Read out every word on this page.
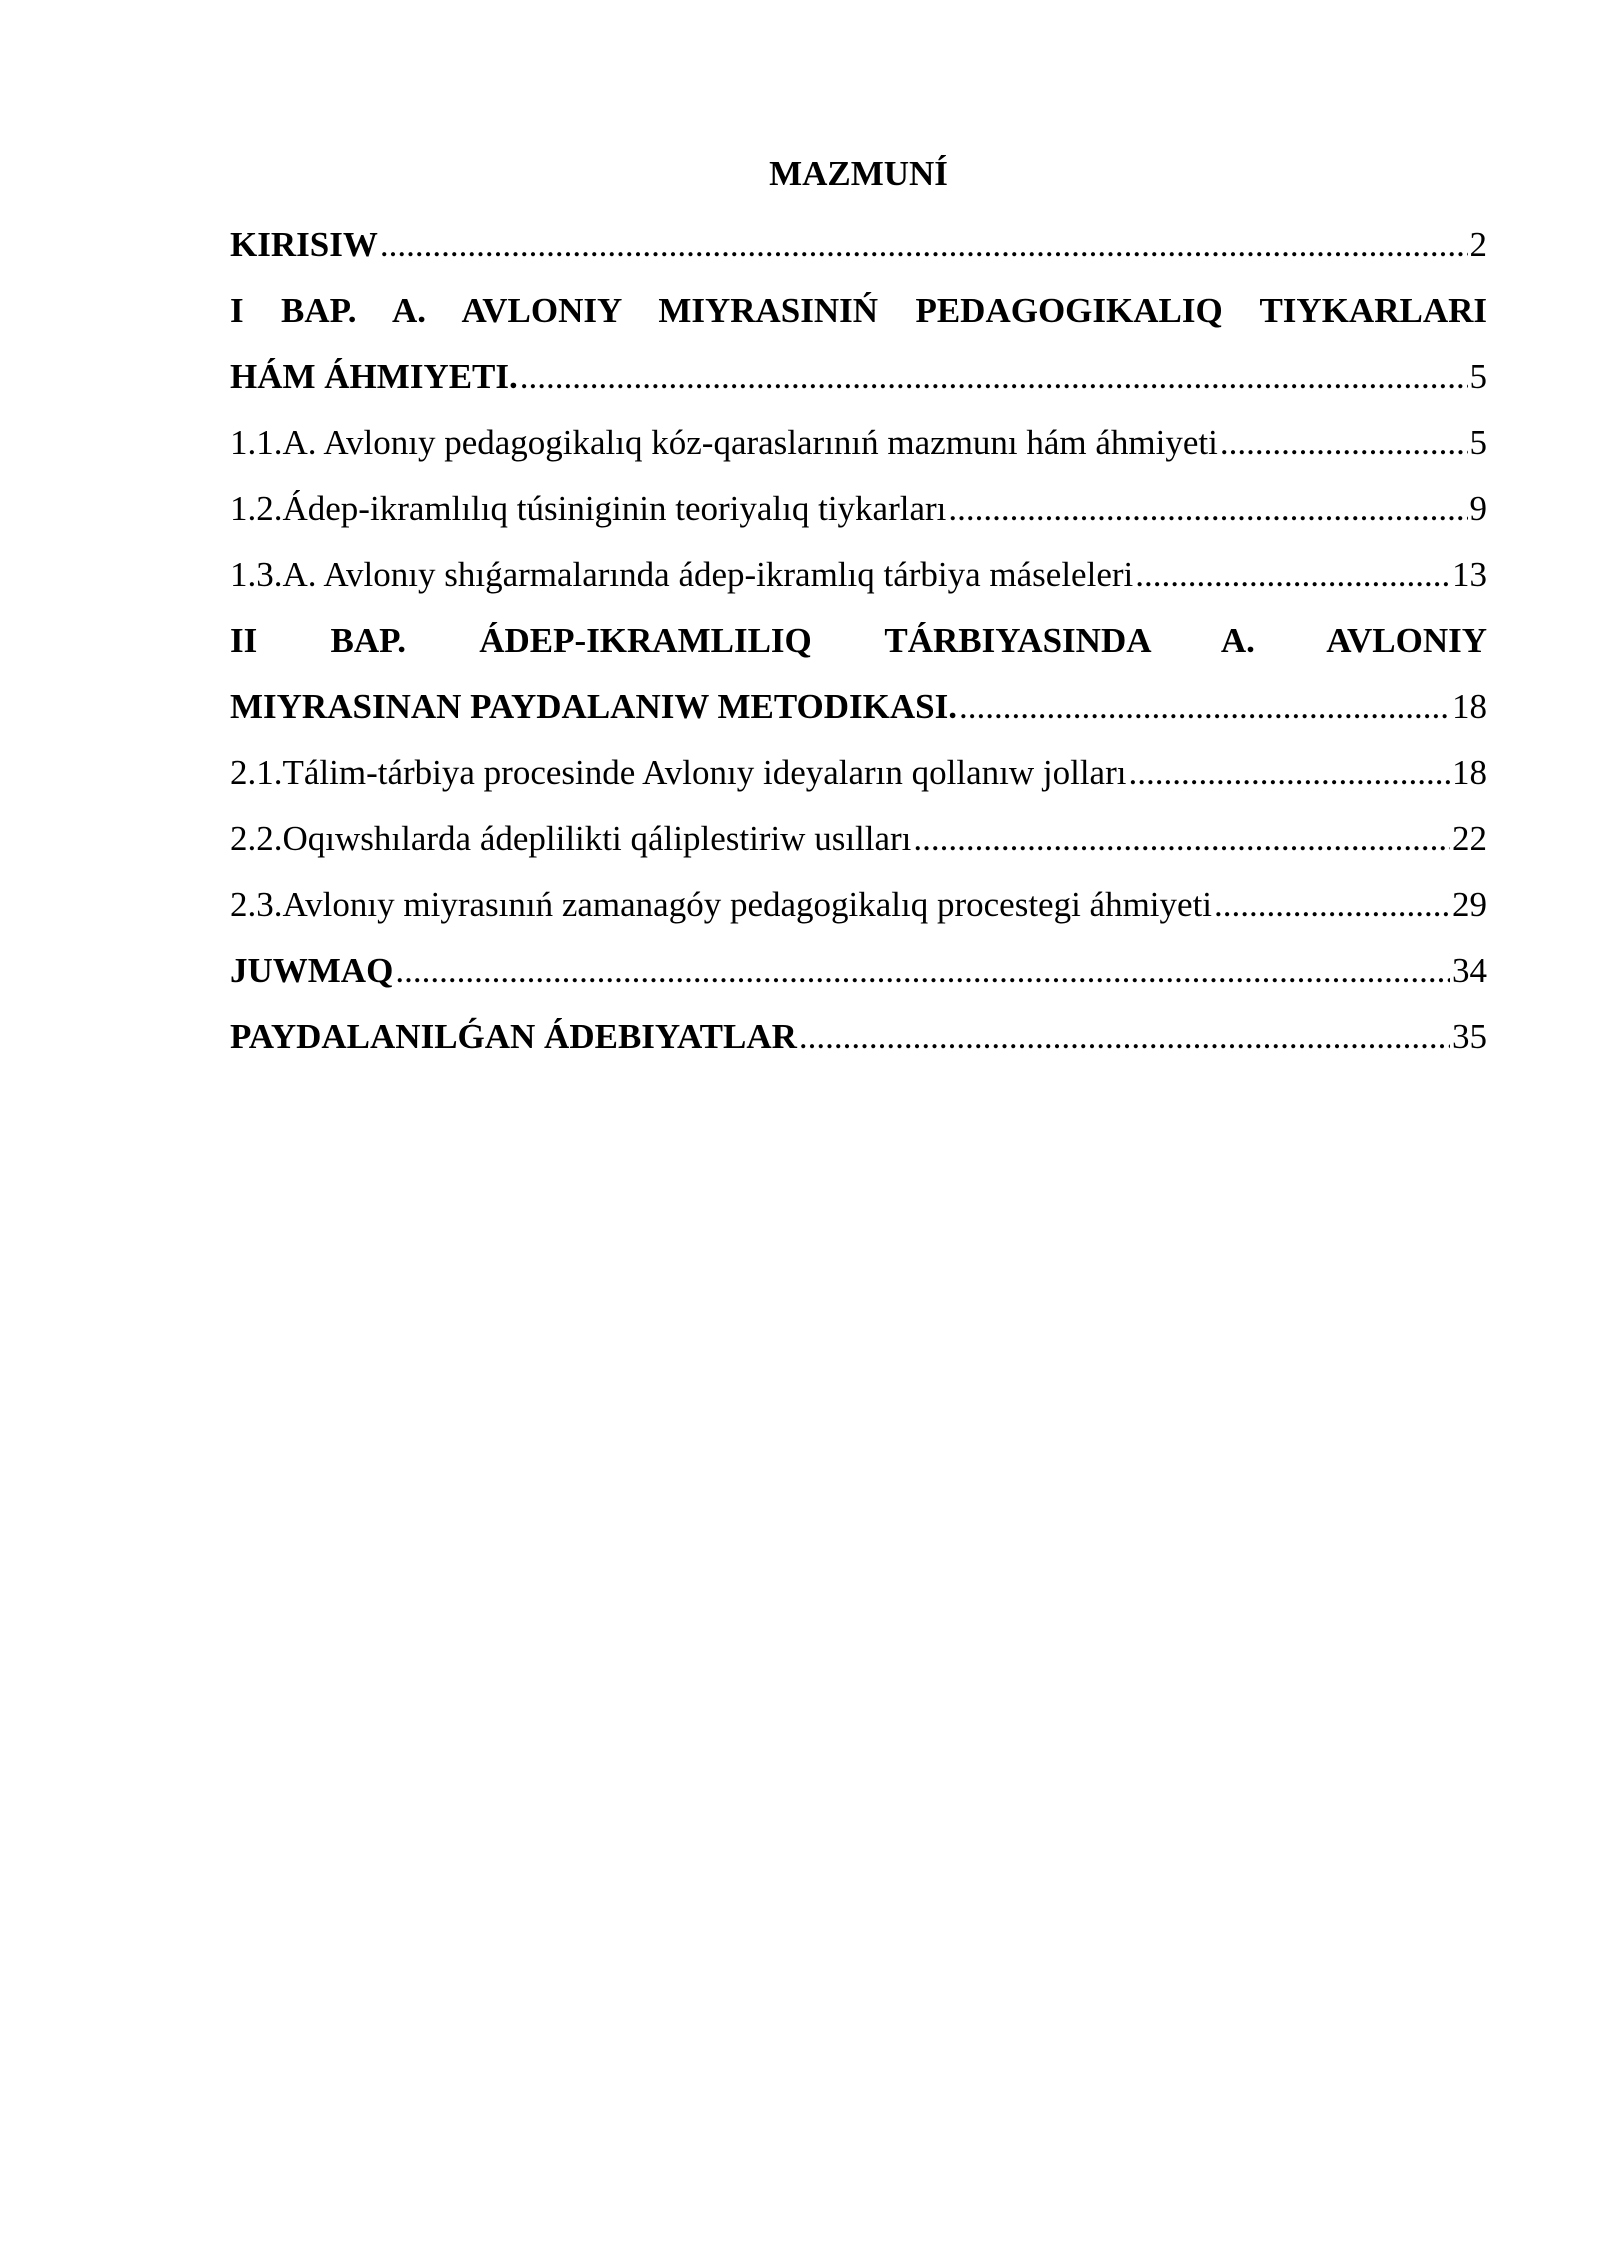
MAZMUNÍ
KIRISIW .....	2
I BAP. A. AVLONIY MIYRASINIŃ PEDAGOGIKALIQ TIYKARLARI
HÁM ÁHMIYETI. .....	5
1.1.A. Avlonıy pedagogikalıq kóz-qaraslarınıń mazmunı hám áhmiyeti .....	5
1.2.Ádep-ikramlılıq túsiniginin teoriyalıq tiykarları .....	9
1.3.A. Avlonıy shıǵarmalarında ádep-ikramlıq tárbiya máseleleri .....	13
II BAP. ÁDEP-IKRAMLILIQ TÁRBIYASINDA A. AVLONIY
MIYRASINAN PAYDALANIW METODIKASI. .....	18
2.1.Tálim-tárbiya procesinde Avlonıy ideyaların qollanıw jolları .....	18
2.2.Oqıwshılarda ádeplilikti qáliplestiriw usılları .....	22
2.3.Avlonıy miyrasınıń zamanagóy pedagogikalıq procestegi áhmiyeti .....	29
JUWMAQ .....	34
PAYDALANILǴAN ÁDEBIYATLAR .....	35
